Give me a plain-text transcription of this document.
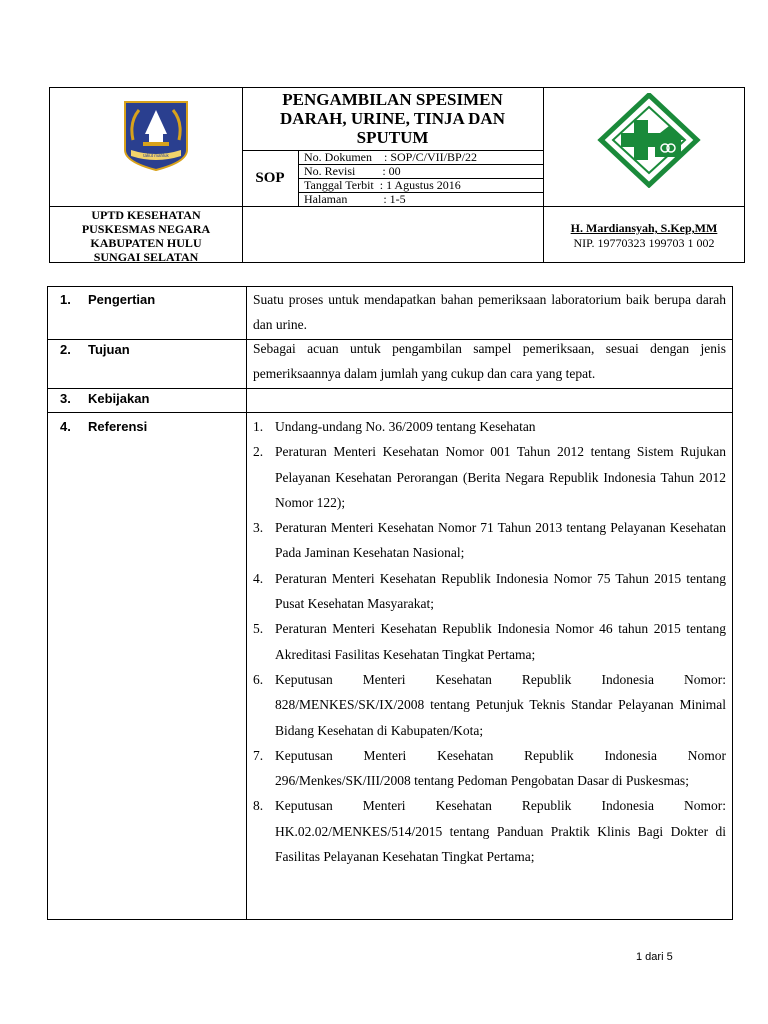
takut mahluk
PENGAMBILAN SPESIMEN
DARAH, URINE, TINJA DAN
SPUTUM
SOP
No. Dokumen    : SOP/C/VII/BP/22
No. Revisi         : 00
Tanggal Terbit  : 1 Agustus 2016
Halaman            : 1-5
UPTD KESEHATAN
PUSKESMAS NEGARA
KABUPATEN HULU
SUNGAI SELATAN
H. Mardiansyah, S.Kep,MM
NIP. 19770323 199703 1 002
1. Pengertian	Suatu proses untuk mendapatkan bahan pemeriksaan laboratorium baik berupa darah dan urine.
2. Tujuan	Sebagai acuan untuk pengambilan sampel pemeriksaan, sesuai dengan jenis pemeriksaannya dalam jumlah yang cukup dan cara yang tepat.
3. Kebijakan
4. Referensi	1. Undang-undang No. 36/2009 tentang Kesehatan
2. Peraturan Menteri Kesehatan Nomor 001 Tahun 2012 tentang Sistem Rujukan Pelayanan Kesehatan Perorangan (Berita Negara Republik Indonesia Tahun 2012 Nomor 122);
3. Peraturan Menteri Kesehatan Nomor 71 Tahun 2013 tentang Pelayanan Kesehatan Pada Jaminan Kesehatan Nasional;
4. Peraturan Menteri Kesehatan Republik Indonesia Nomor 75 Tahun 2015 tentang Pusat Kesehatan Masyarakat;
5. Peraturan Menteri Kesehatan Republik Indonesia Nomor 46 tahun 2015 tentang Akreditasi Fasilitas Kesehatan Tingkat Pertama;
6. Keputusan Menteri Kesehatan Republik Indonesia Nomor: 828/MENKES/SK/IX/2008 tentang Petunjuk Teknis Standar Pelayanan Minimal Bidang Kesehatan di Kabupaten/Kota;
7. Keputusan Menteri Kesehatan Republik Indonesia Nomor 296/Menkes/SK/III/2008 tentang Pedoman Pengobatan Dasar di Puskesmas;
8. Keputusan Menteri Kesehatan Republik Indonesia Nomor: HK.02.02/MENKES/514/2015 tentang Panduan Praktik Klinis Bagi Dokter di Fasilitas Pelayanan Kesehatan Tingkat Pertama;
1 dari 5
